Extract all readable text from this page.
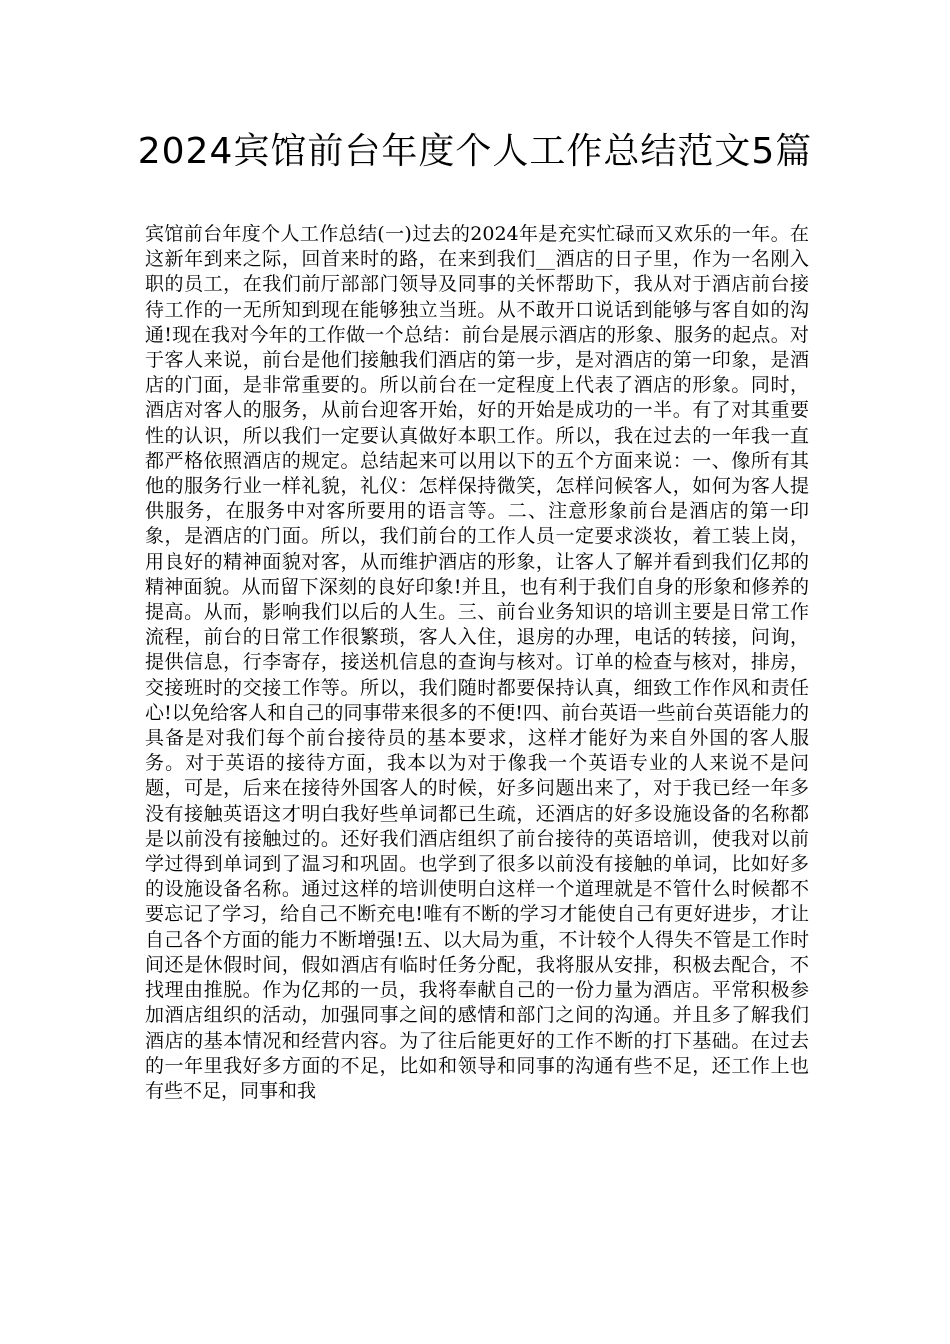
2024宾馆前台年度个人工作总结范文5篇

宾馆前台年度个人工作总结(一)过去的2024年是充实忙碌而又欢乐的一年。在这新年到来之际，回首来时的路，在来到我们__酒店的日子里，作为一名刚入职的员工，在我们前厅部部门领导及同事的关怀帮助下，我从对于酒店前台接待工作的一无所知到现在能够独立当班。从不敢开口说话到能够与客自如的沟通!现在我对今年的工作做一个总结：前台是展示酒店的形象、服务的起点。对于客人来说，前台是他们接触我们酒店的第一步，是对酒店的第一印象，是酒店的门面，是非常重要的。所以前台在一定程度上代表了酒店的形象。同时，酒店对客人的服务，从前台迎客开始，好的开始是成功的一半。有了对其重要性的认识，所以我们一定要认真做好本职工作。所以，我在过去的一年我一直都严格依照酒店的规定。总结起来可以用以下的五个方面来说：一、像所有其他的服务行业一样礼貌，礼仪：怎样保持微笑，怎样问候客人，如何为客人提供服务，在服务中对客所要用的语言等。二、注意形象前台是酒店的第一印象，是酒店的门面。所以，我们前台的工作人员一定要求淡妆，着工装上岗，用良好的精神面貌对客，从而维护酒店的形象，让客人了解并看到我们亿邦的精神面貌。从而留下深刻的良好印象!并且，也有利于我们自身的形象和修养的提高。从而，影响我们以后的人生。三、前台业务知识的培训主要是日常工作流程，前台的日常工作很繁琐，客人入住，退房的办理，电话的转接，问询，提供信息，行李寄存，接送机信息的查询与核对。订单的检查与核对，排房，交接班时的交接工作等。所以，我们随时都要保持认真，细致工作作风和责任心!以免给客人和自己的同事带来很多的不便!四、前台英语一些前台英语能力的具备是对我们每个前台接待员的基本要求，这样才能好为来自外国的客人服务。对于英语的接待方面，我本以为对于像我一个英语专业的人来说不是问题，可是，后来在接待外国客人的时候，好多问题出来了，对于我已经一年多没有接触英语这才明白我好些单词都已生疏，还酒店的好多设施设备的名称都是以前没有接触过的。还好我们酒店组织了前台接待的英语培训，使我对以前学过得到单词到了温习和巩固。也学到了很多以前没有接触的单词，比如好多的设施设备名称。通过这样的培训使明白这样一个道理就是不管什么时候都不要忘记了学习，给自己不断充电!唯有不断的学习才能使自己有更好进步，才让自己各个方面的能力不断增强!五、以大局为重，不计较个人得失不管是工作时间还是休假时间，假如酒店有临时任务分配，我将服从安排，积极去配合，不找理由推脱。作为亿邦的一员，我将奉献自己的一份力量为酒店。平常积极参加酒店组织的活动，加强同事之间的感情和部门之间的沟通。并且多了解我们酒店的基本情况和经营内容。为了往后能更好的工作不断的打下基础。在过去的一年里我好多方面的不足，比如和领导和同事的沟通有些不足，还工作上也有些不足，同事和我
